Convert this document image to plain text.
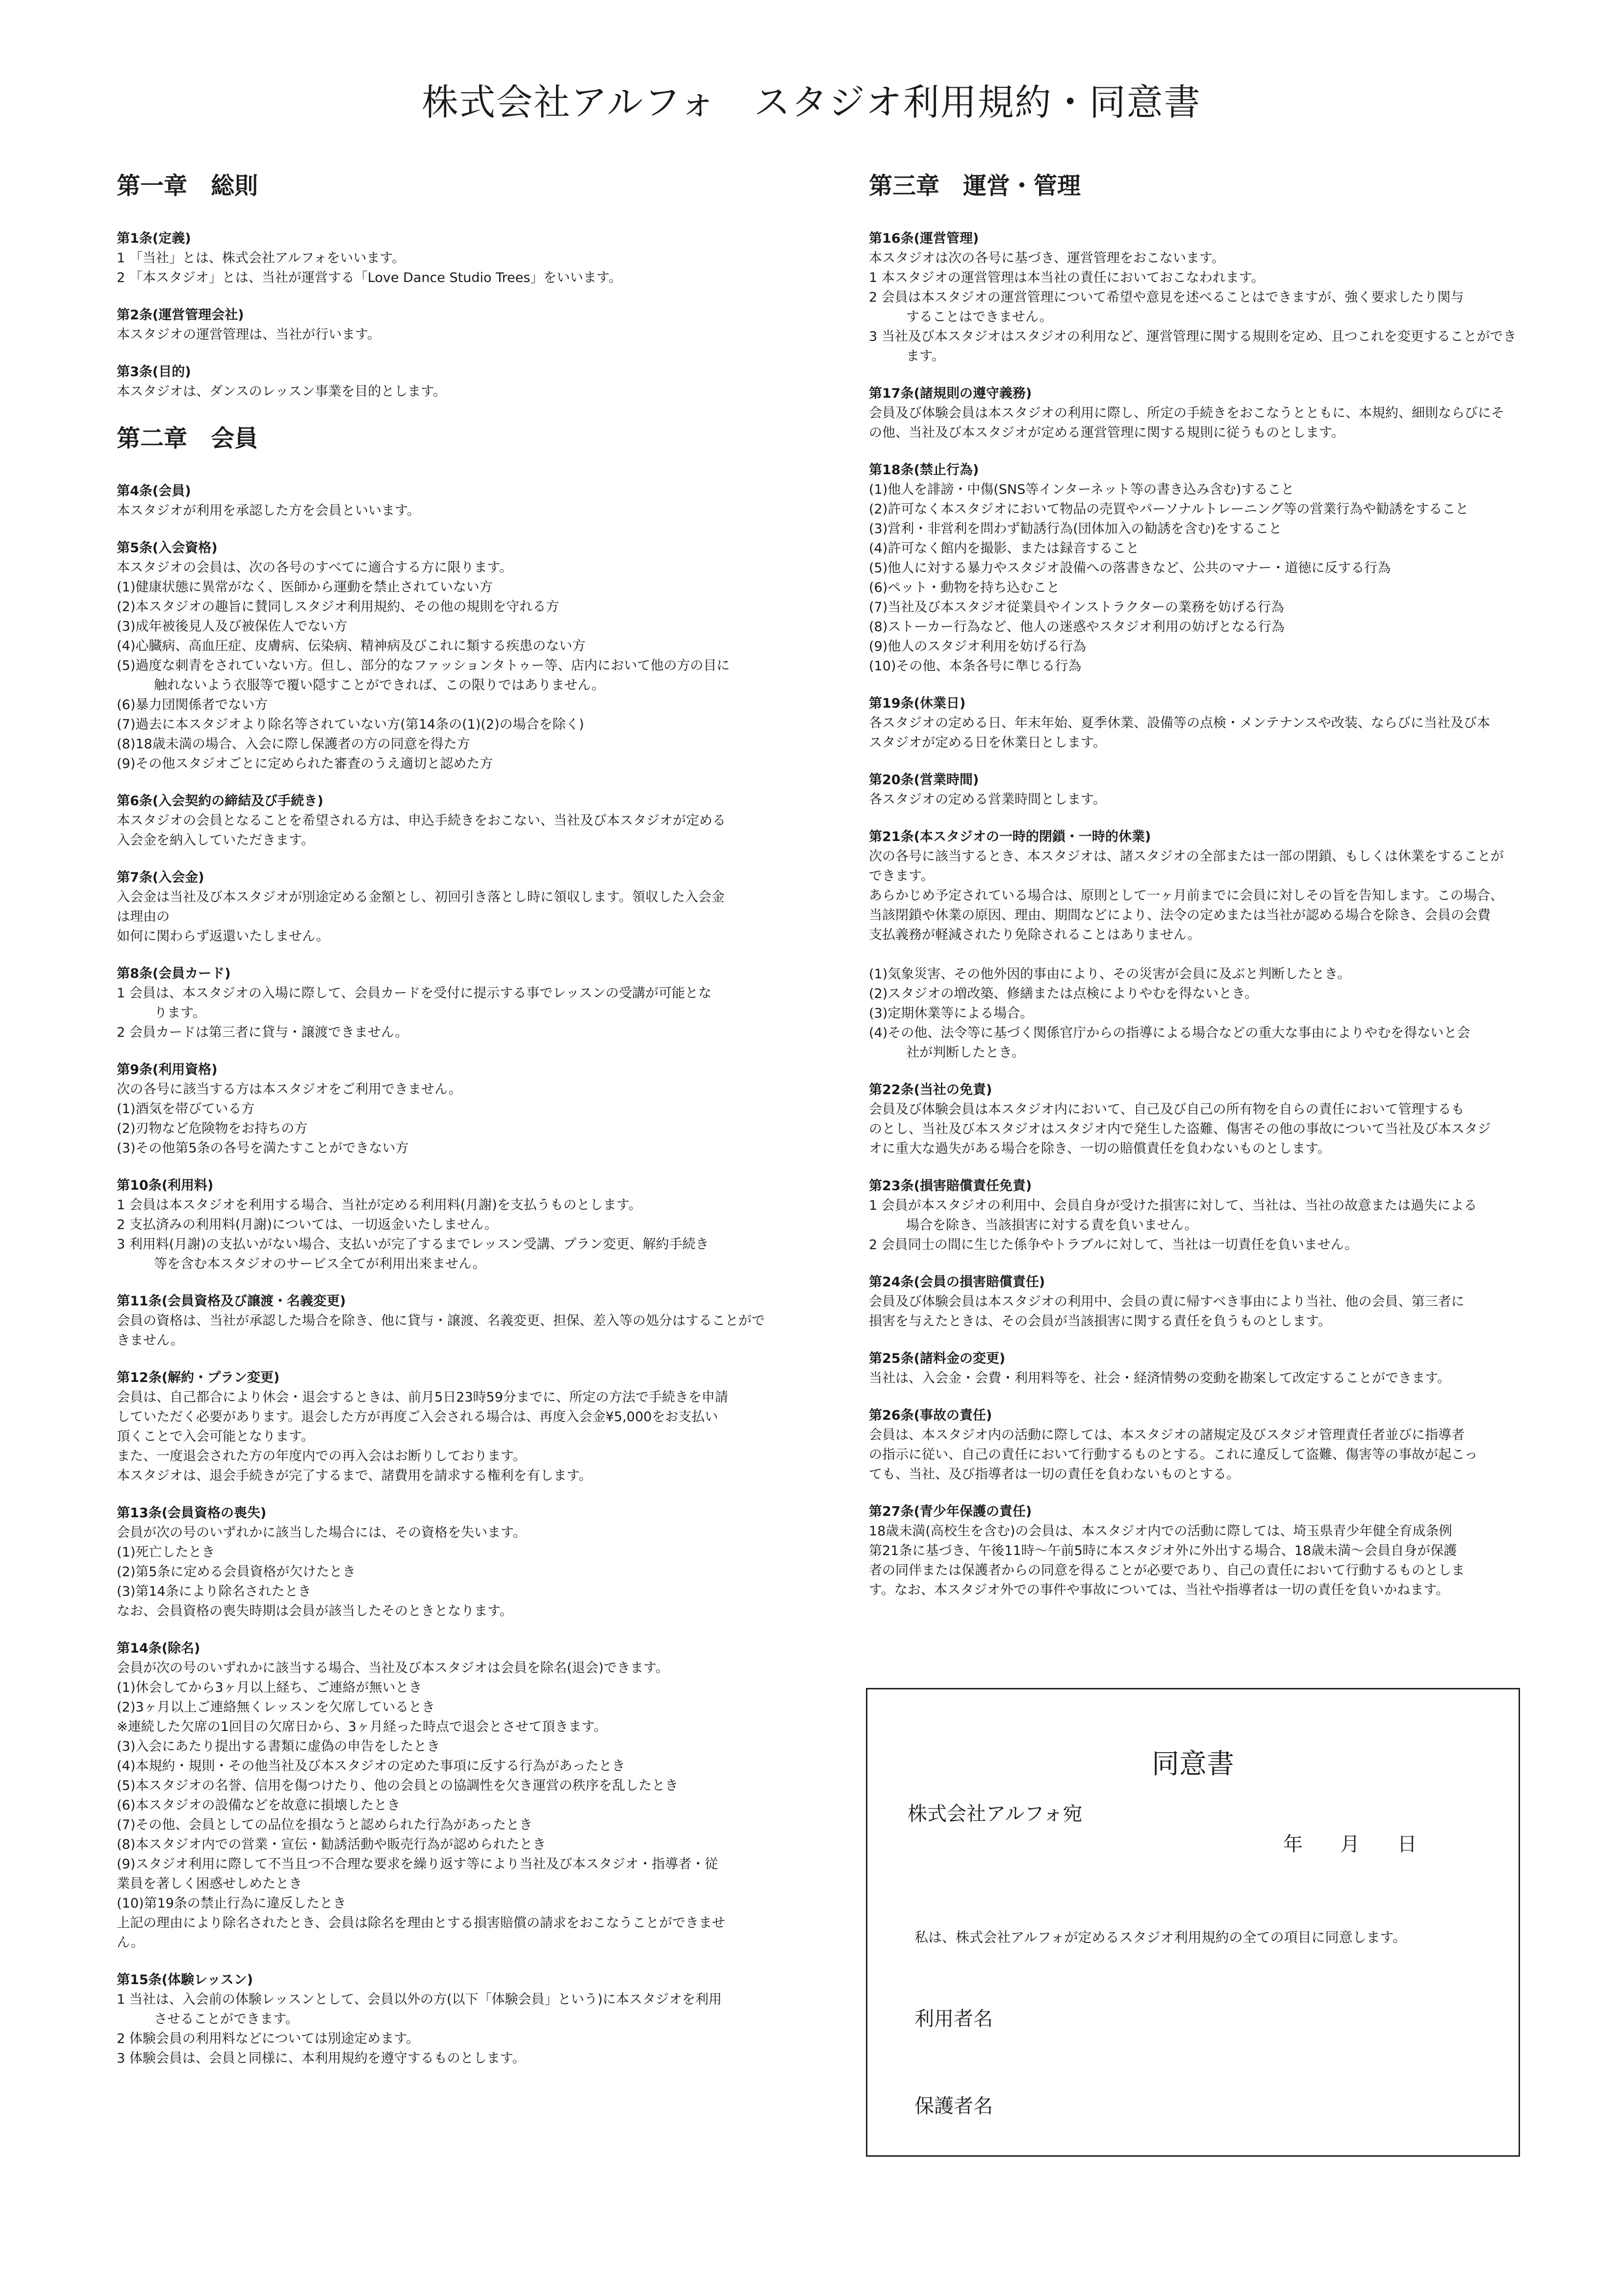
株式会社アルフォ　スタジオ利用規約・同意書
第一章　総則
第1条(定義)
1 「当社」とは、株式会社アルフォをいいます。
2 「本スタジオ」とは、当社が運営する「Love Dance Studio Trees」をいいます。
第2条(運営管理会社)
本スタジオの運営管理は、当社が行います。
第3条(目的)
本スタジオは、ダンスのレッスン事業を目的とします。
第二章　会員
第4条(会員)
本スタジオが利用を承認した方を会員といいます。
第5条(入会資格)
本スタジオの会員は、次の各号のすべてに適合する方に限ります。
(1)健康状態に異常がなく、医師から運動を禁止されていない方
(2)本スタジオの趣旨に賛同しスタジオ利用規約、その他の規則を守れる方
(3)成年被後見人及び被保佐人でない方
(4)心臓病、高血圧症、皮膚病、伝染病、精神病及びこれに類する疾患のない方
(5)過度な刺青をされていない方。但し、部分的なファッションタトゥー等、店内において他の方の目に
触れないよう衣服等で覆い隠すことができれば、この限りではありません。
(6)暴力団関係者でない方
(7)過去に本スタジオより除名等されていない方(第14条の(1)(2)の場合を除く)
(8)18歳未満の場合、入会に際し保護者の方の同意を得た方
(9)その他スタジオごとに定められた審査のうえ適切と認めた方
第6条(入会契約の締結及び手続き)
本スタジオの会員となることを希望される方は、申込手続きをおこない、当社及び本スタジオが定める
入会金を納入していただきます。
第7条(入会金)
入会金は当社及び本スタジオが別途定める金額とし、初回引き落とし時に領収します。領収した入会金
は理由の
如何に関わらず返還いたしません。
第8条(会員カード)
1 会員は、本スタジオの入場に際して、会員カードを受付に提示する事でレッスンの受講が可能とな
ります。
2 会員カードは第三者に貸与・譲渡できません。
第9条(利用資格)
次の各号に該当する方は本スタジオをご利用できません。
(1)酒気を帯びている方
(2)刃物など危険物をお持ちの方
(3)その他第5条の各号を満たすことができない方
第10条(利用料)
1 会員は本スタジオを利用する場合、当社が定める利用料(月謝)を支払うものとします。
2 支払済みの利用料(月謝)については、一切返金いたしません。
3 利用料(月謝)の支払いがない場合、支払いが完了するまでレッスン受講、プラン変更、解約手続き
等を含む本スタジオのサービス全てが利用出来ません。
第11条(会員資格及び譲渡・名義変更)
会員の資格は、当社が承認した場合を除き、他に貸与・譲渡、名義変更、担保、差入等の処分はすることがで
きません。
第12条(解約・プラン変更)
会員は、自己都合により休会・退会するときは、前月5日23時59分までに、所定の方法で手続きを申請
していただく必要があります。退会した方が再度ご入会される場合は、再度入会金¥5,000をお支払い
頂くことで入会可能となります。
また、一度退会された方の年度内での再入会はお断りしております。
本スタジオは、退会手続きが完了するまで、諸費用を請求する権利を有します。
第13条(会員資格の喪失)
会員が次の号のいずれかに該当した場合には、その資格を失います。
(1)死亡したとき
(2)第5条に定める会員資格が欠けたとき
(3)第14条により除名されたとき
なお、会員資格の喪失時期は会員が該当したそのときとなります。
第14条(除名)
会員が次の号のいずれかに該当する場合、当社及び本スタジオは会員を除名(退会)できます。
(1)休会してから3ヶ月以上経ち、ご連絡が無いとき
(2)3ヶ月以上ご連絡無くレッスンを欠席しているとき
※連続した欠席の1回目の欠席日から、3ヶ月経った時点で退会とさせて頂きます。
(3)入会にあたり提出する書類に虚偽の申告をしたとき
(4)本規約・規則・その他当社及び本スタジオの定めた事項に反する行為があったとき
(5)本スタジオの名誉、信用を傷つけたり、他の会員との協調性を欠き運営の秩序を乱したとき
(6)本スタジオの設備などを故意に損壊したとき
(7)その他、会員としての品位を損なうと認められた行為があったとき
(8)本スタジオ内での営業・宣伝・勧誘活動や販売行為が認められたとき
(9)スタジオ利用に際して不当且つ不合理な要求を繰り返す等により当社及び本スタジオ・指導者・従
業員を著しく困惑せしめたとき
(10)第19条の禁止行為に違反したとき
上記の理由により除名されたとき、会員は除名を理由とする損害賠償の請求をおこなうことができませ
ん。
第15条(体験レッスン)
1 当社は、入会前の体験レッスンとして、会員以外の方(以下「体験会員」という)に本スタジオを利用
させることができます。
2 体験会員の利用料などについては別途定めます。
3 体験会員は、会員と同様に、本利用規約を遵守するものとします。
第三章　運営・管理
第16条(運営管理)
本スタジオは次の各号に基づき、運営管理をおこないます。
1 本スタジオの運営管理は本当社の責任においておこなわれます。
2 会員は本スタジオの運営管理について希望や意見を述べることはできますが、強く要求したり関与
することはできません。
3 当社及び本スタジオはスタジオの利用など、運営管理に関する規則を定め、且つこれを変更することができ
ます。
第17条(諸規則の遵守義務)
会員及び体験会員は本スタジオの利用に際し、所定の手続きをおこなうとともに、本規約、細則ならびにそ
の他、当社及び本スタジオが定める運営管理に関する規則に従うものとします。
第18条(禁止行為)
(1)他人を誹謗・中傷(SNS等インターネット等の書き込み含む)すること
(2)許可なく本スタジオにおいて物品の売買やパーソナルトレーニング等の営業行為や勧誘をすること
(3)営利・非営利を問わず勧誘行為(団体加入の勧誘を含む)をすること
(4)許可なく館内を撮影、または録音すること
(5)他人に対する暴力やスタジオ設備への落書きなど、公共のマナー・道徳に反する行為
(6)ペット・動物を持ち込むこと
(7)当社及び本スタジオ従業員やインストラクターの業務を妨げる行為
(8)ストーカー行為など、他人の迷惑やスタジオ利用の妨げとなる行為
(9)他人のスタジオ利用を妨げる行為
(10)その他、本条各号に準じる行為
第19条(休業日)
各スタジオの定める日、年末年始、夏季休業、設備等の点検・メンテナンスや改装、ならびに当社及び本
スタジオが定める日を休業日とします。
第20条(営業時間)
各スタジオの定める営業時間とします。
第21条(本スタジオの一時的閉鎖・一時的休業)
次の各号に該当するとき、本スタジオは、諸スタジオの全部または一部の閉鎖、もしくは休業をすることが
できます。
あらかじめ予定されている場合は、原則として一ヶ月前までに会員に対しその旨を告知します。この場合、
当該閉鎖や休業の原因、理由、期間などにより、法令の定めまたは当社が認める場合を除き、会員の会費
支払義務が軽減されたり免除されることはありません。
(1)気象災害、その他外因的事由により、その災害が会員に及ぶと判断したとき。
(2)スタジオの増改築、修繕または点検によりやむを得ないとき。
(3)定期休業等による場合。
(4)その他、法令等に基づく関係官庁からの指導による場合などの重大な事由によりやむを得ないと会
社が判断したとき。
第22条(当社の免責)
会員及び体験会員は本スタジオ内において、自己及び自己の所有物を自らの責任において管理するも
のとし、当社及び本スタジオはスタジオ内で発生した盗難、傷害その他の事故について当社及び本スタジ
オに重大な過失がある場合を除き、一切の賠償責任を負わないものとします。
第23条(損害賠償責任免責)
1 会員が本スタジオの利用中、会員自身が受けた損害に対して、当社は、当社の故意または過失による
場合を除き、当該損害に対する責を負いません。
2 会員同士の間に生じた係争やトラブルに対して、当社は一切責任を負いません。
第24条(会員の損害賠償責任)
会員及び体験会員は本スタジオの利用中、会員の責に帰すべき事由により当社、他の会員、第三者に
損害を与えたときは、その会員が当該損害に関する責任を負うものとします。
第25条(諸料金の変更)
当社は、入会金・会費・利用料等を、社会・経済情勢の変動を勘案して改定することができます。
第26条(事故の責任)
会員は、本スタジオ内の活動に際しては、本スタジオの諸規定及びスタジオ管理責任者並びに指導者
の指示に従い、自己の責任において行動するものとする。これに違反して盗難、傷害等の事故が起こっ
ても、当社、及び指導者は一切の責任を負わないものとする。
第27条(青少年保護の責任)
18歳未満(高校生を含む)の会員は、本スタジオ内での活動に際しては、埼玉県青少年健全育成条例
第21条に基づき、午後11時～午前5時に本スタジオ外に外出する場合、18歳未満～会員自身が保護
者の同伴または保護者からの同意を得ることが必要であり、自己の責任において行動するものとしま
す。なお、本スタジオ外での事件や事故については、当社や指導者は一切の責任を負いかねます。
同意書
株式会社アルフォ宛
年 月 日
私は、株式会社アルフォが定めるスタジオ利用規約の全ての項目に同意します。
利用者名
保護者名
